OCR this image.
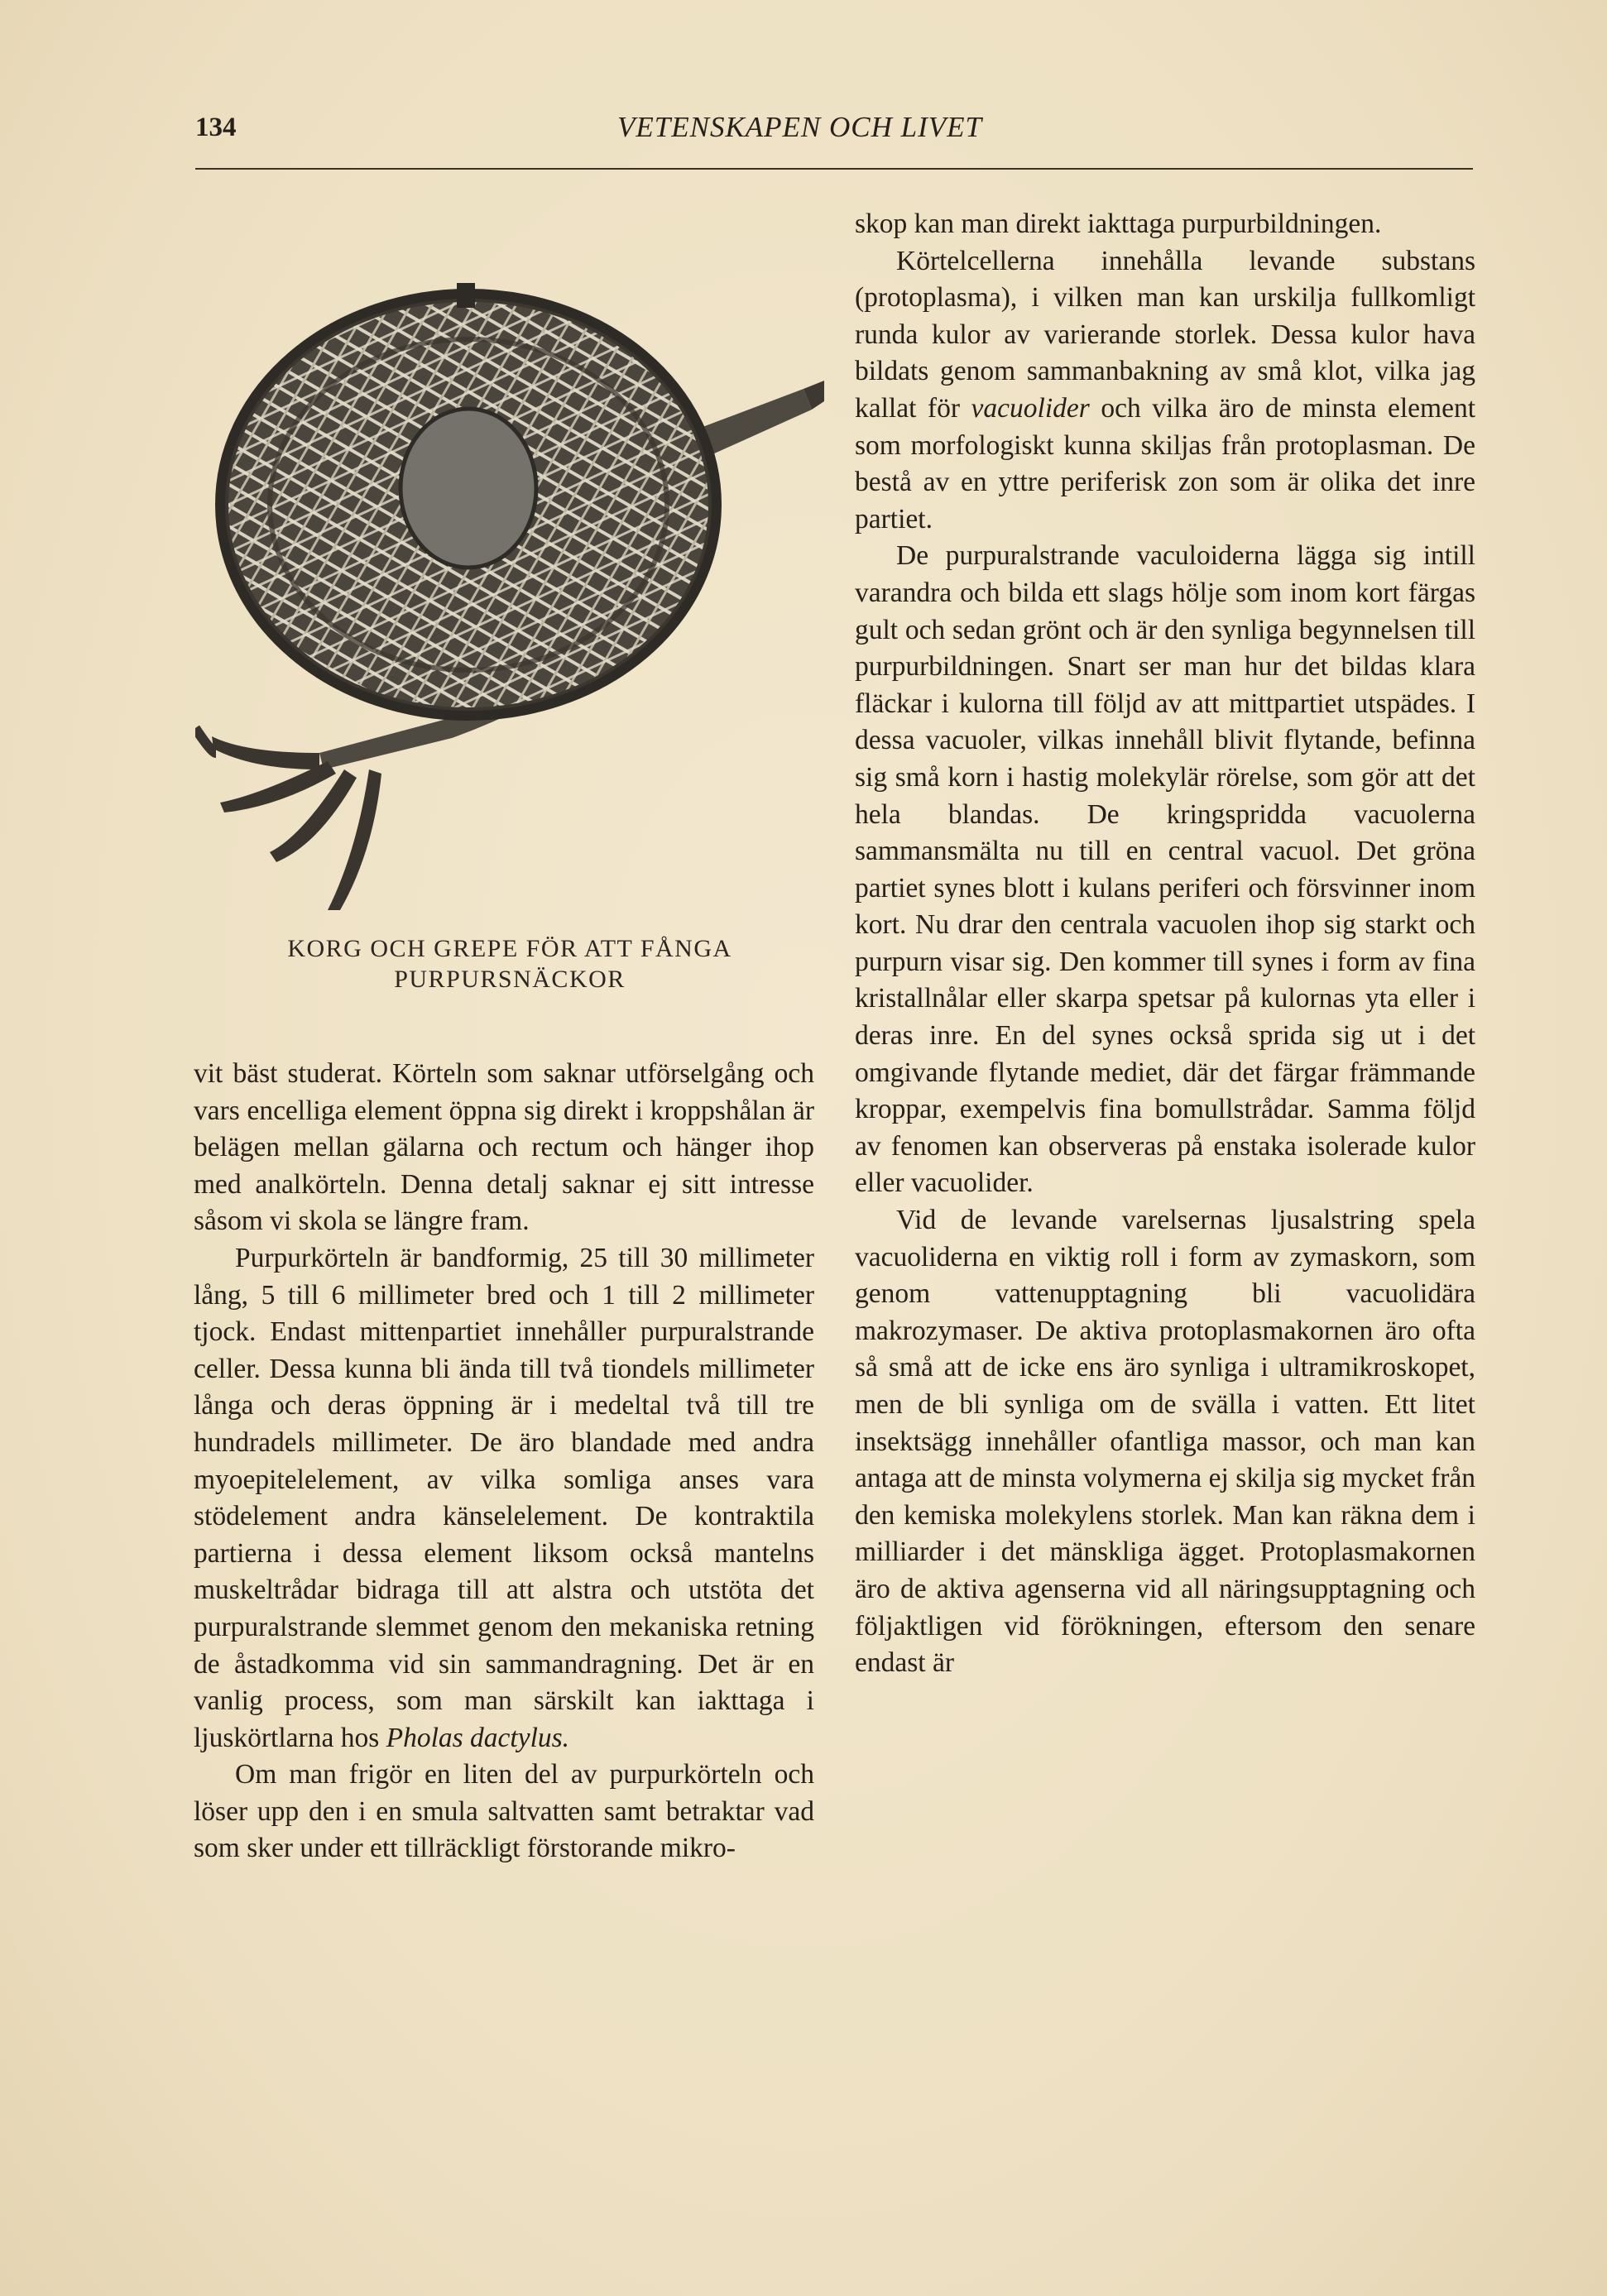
134	VETENSKAPEN OCH LIVET
KORG OCH GREPE FÖR ATT FÅNGA
PURPURSNÄCKOR

vit bäst studerat. Körteln som saknar utförselgång och vars encelliga element öppna sig direkt i kroppshålan är belägen mellan gälarna och rectum och hänger ihop med analkörteln. Denna detalj saknar ej sitt intresse såsom vi skola se längre fram.

Purpurkörteln är bandformig, 25 till 30 millimeter lång, 5 till 6 millimeter bred och 1 till 2 millimeter tjock. Endast mittenpartiet innehåller purpuralstrande celler. Dessa kunna bli ända till två tiondels millimeter långa och deras öppning är i medeltal två till tre hundradels millimeter. De äro blandade med andra myoepitelelement, av vilka somliga anses vara stödelement andra känselelement. De kontraktila partierna i dessa element liksom också mantelns muskeltrådar bidraga till att alstra och utstöta det purpuralstrande slemmet genom den mekaniska retning de åstadkomma vid sin sammandragning. Det är en vanlig process, som man särskilt kan iakttaga i ljuskörtlarna hos Pholas dactylus.

Om man frigör en liten del av purpurkörteln och löser upp den i en smula saltvatten samt betraktar vad som sker under ett tillräckligt förstorande mikro-

skop kan man direkt iakttaga purpurbildningen.

Körtelcellerna innehålla levande substans (protoplasma), i vilken man kan urskilja fullkomligt runda kulor av varierande storlek. Dessa kulor hava bildats genom sammanbakning av små klot, vilka jag kallat för vacuolider och vilka äro de minsta element som morfologiskt kunna skiljas från protoplasman. De bestå av en yttre periferisk zon som är olika det inre partiet.

De purpuralstrande vaculoiderna lägga sig intill varandra och bilda ett slags hölje som inom kort färgas gult och sedan grönt och är den synliga begynnelsen till purpurbildningen. Snart ser man hur det bildas klara fläckar i kulorna till följd av att mittpartiet utspädes. I dessa vacuoler, vilkas innehåll blivit flytande, befinna sig små korn i hastig molekylär rörelse, som gör att det hela blandas. De kringspridda vacuolerna sammansmälta nu till en central vacuol. Det gröna partiet synes blott i kulans periferi och försvinner inom kort. Nu drar den centrala vacuolen ihop sig starkt och purpurn visar sig. Den kommer till synes i form av fina kristallnålar eller skarpa spetsar på kulornas yta eller i deras inre. En del synes också sprida sig ut i det omgivande flytande mediet, där det färgar främmande kroppar, exempelvis fina bomullstrådar. Samma följd av fenomen kan observeras på enstaka isolerade kulor eller vacuolider.

Vid de levande varelsernas ljusalstring spela vacuoliderna en viktig roll i form av zymaskorn, som genom vattenupptagning bli vacuolidära makrozymaser. De aktiva protoplasmakornen äro ofta så små att de icke ens äro synliga i ultramikroskopet, men de bli synliga om de svälla i vatten. Ett litet insektsägg innehåller ofantliga massor, och man kan antaga att de minsta volymerna ej skilja sig mycket från den kemiska molekylens storlek. Man kan räkna dem i milliarder i det mänskliga ägget. Protoplasmakornen äro de aktiva agenserna vid all näringsupptagning och följaktligen vid förökningen, eftersom den senare endast är
